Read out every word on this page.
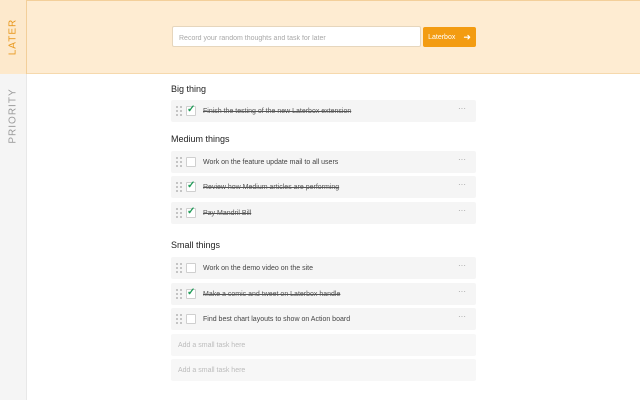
LATER
PRIORITY
Record your random thoughts and task for later
Laterbox ➜
Big thing
✓
Finish the testing of the new Laterbox extension	···
Medium things
Work on the feature update mail to all users	···
✓
Review how Medium articles are performing	···
✓
Pay Mandril Bill	···
Small things
Work on the demo video on the site	···
✓
Make a comic and tweet on Laterbox handle	···
Find best chart layouts to show on Action board	···
Add a small task here
Add a small task here
